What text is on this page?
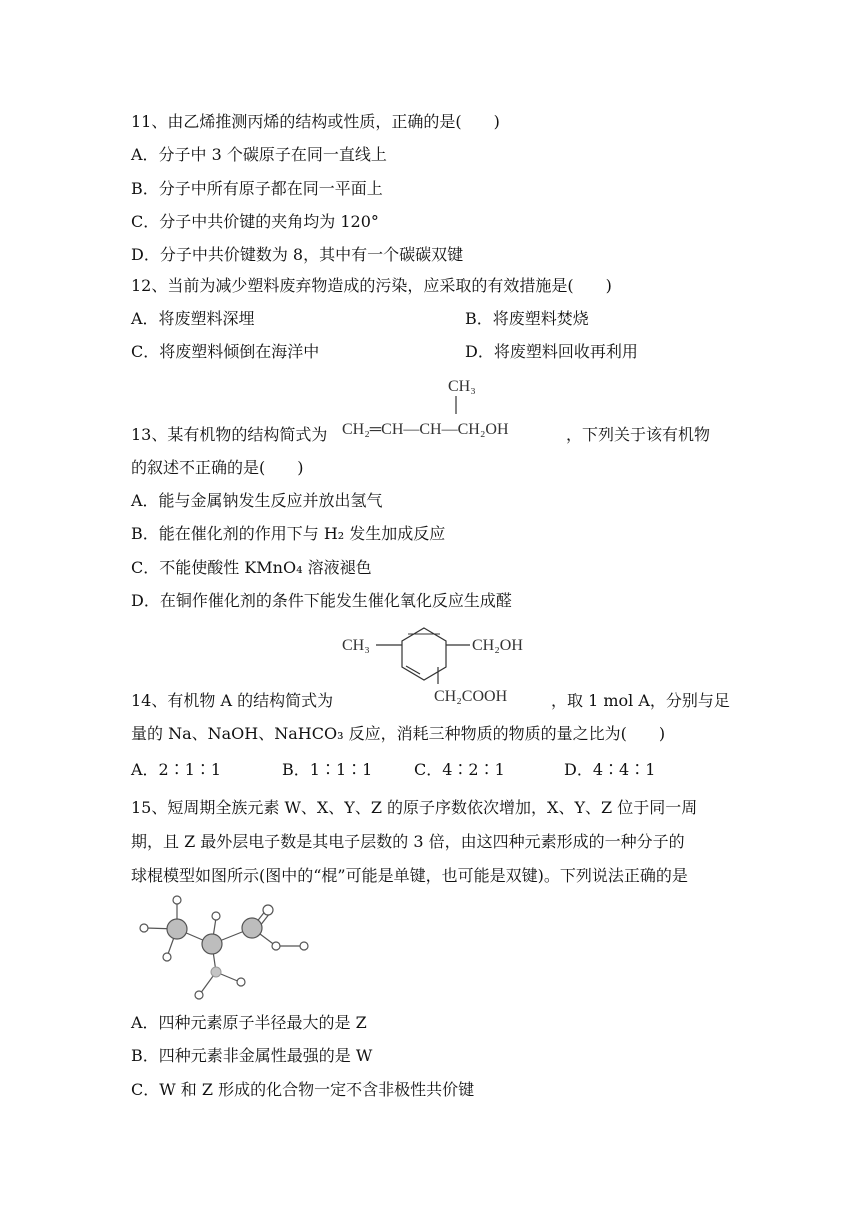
11、由乙烯推测丙烯的结构或性质，正确的是(　　)
A．分子中 3 个碳原子在同一直线上
B．分子中所有原子都在同一平面上
C．分子中共价键的夹角均为 120°
D．分子中共价键数为 8，其中有一个碳碳双键
12、当前为减少塑料废弃物造成的污染，应采取的有效措施是(　　)
A．将废塑料深埋	B．将废塑料焚烧
C．将废塑料倾倒在海洋中	D．将废塑料回收再利用
13、某有机物的结构简式为
CH₃
CH₂═CH—CH—CH₂OH	，下列关于该有机物
的叙述不正确的是(　　)
A．能与金属钠发生反应并放出氢气
B．能在催化剂的作用下与 H₂ 发生加成反应
C．不能使酸性 KMnO₄ 溶液褪色
D．在铜作催化剂的条件下能发生催化氧化反应生成醛
CH₃	CH₂OH
CH₂COOH
14、有机物 A 的结构简式为	，取 1 mol A，分别与足
量的 Na、NaOH、NaHCO₃ 反应，消耗三种物质的物质的量之比为(　　)
A．2∶1∶1	B．1∶1∶1	C．4∶2∶1	D．4∶4∶1
15、短周期全族元素 W、X、Y、Z 的原子序数依次增加，X、Y、Z 位于同一周
期，且 Z 最外层电子数是其电子层数的 3 倍，由这四种元素形成的一种分子的
球棍模型如图所示(图中的“棍”可能是单键，也可能是双键)。下列说法正确的是
A．四种元素原子半径最大的是 Z
B．四种元素非金属性最强的是 W
C．W 和 Z 形成的化合物一定不含非极性共价键
